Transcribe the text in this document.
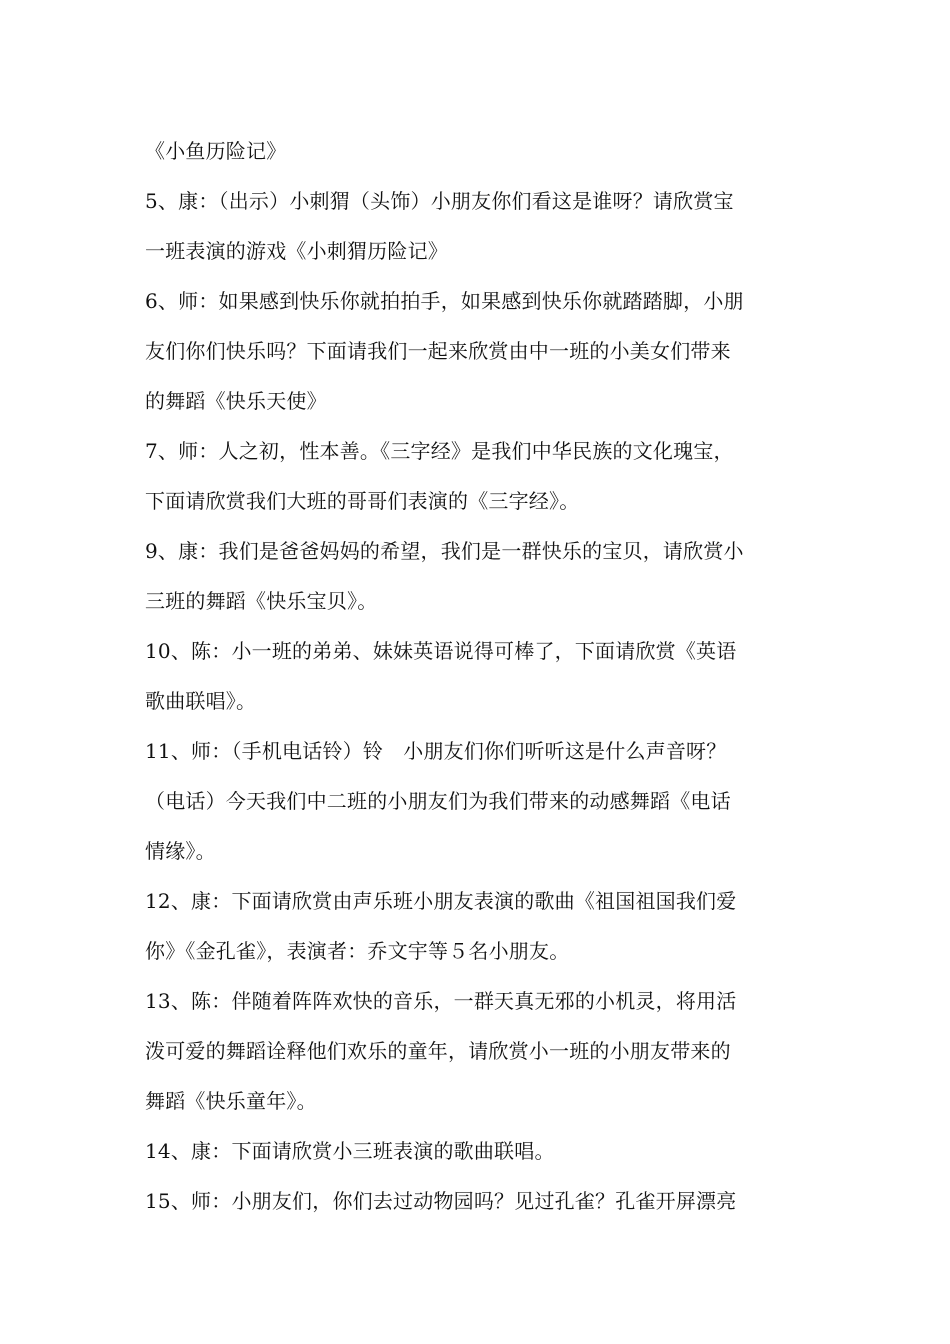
《小鱼历险记》
5、康：（出示）小刺猬（头饰）小朋友你们看这是谁呀？请欣赏宝
一班表演的游戏《小刺猬历险记》
6、师：如果感到快乐你就拍拍手，如果感到快乐你就踏踏脚，小朋
友们你们快乐吗？下面请我们一起来欣赏由中一班的小美女们带来
的舞蹈《快乐天使》
7、师：人之初，性本善。《三字经》是我们中华民族的文化瑰宝，
下面请欣赏我们大班的哥哥们表演的《三字经》。
9、康：我们是爸爸妈妈的希望，我们是一群快乐的宝贝，请欣赏小
三班的舞蹈《快乐宝贝》。
10、陈：小一班的弟弟、妹妹英语说得可棒了，下面请欣赏《英语
歌曲联唱》。
11、师：（手机电话铃）铃　小朋友们你们听听这是什么声音呀？
（电话）今天我们中二班的小朋友们为我们带来的动感舞蹈《电话
情缘》。
12、康：下面请欣赏由声乐班小朋友表演的歌曲《祖国祖国我们爱
你》《金孔雀》，表演者：乔文宇等５名小朋友。
13、陈：伴随着阵阵欢快的音乐，一群天真无邪的小机灵，将用活
泼可爱的舞蹈诠释他们欢乐的童年，请欣赏小一班的小朋友带来的
舞蹈《快乐童年》。
14、康：下面请欣赏小三班表演的歌曲联唱。
15、师：小朋友们，你们去过动物园吗？见过孔雀？孔雀开屏漂亮
